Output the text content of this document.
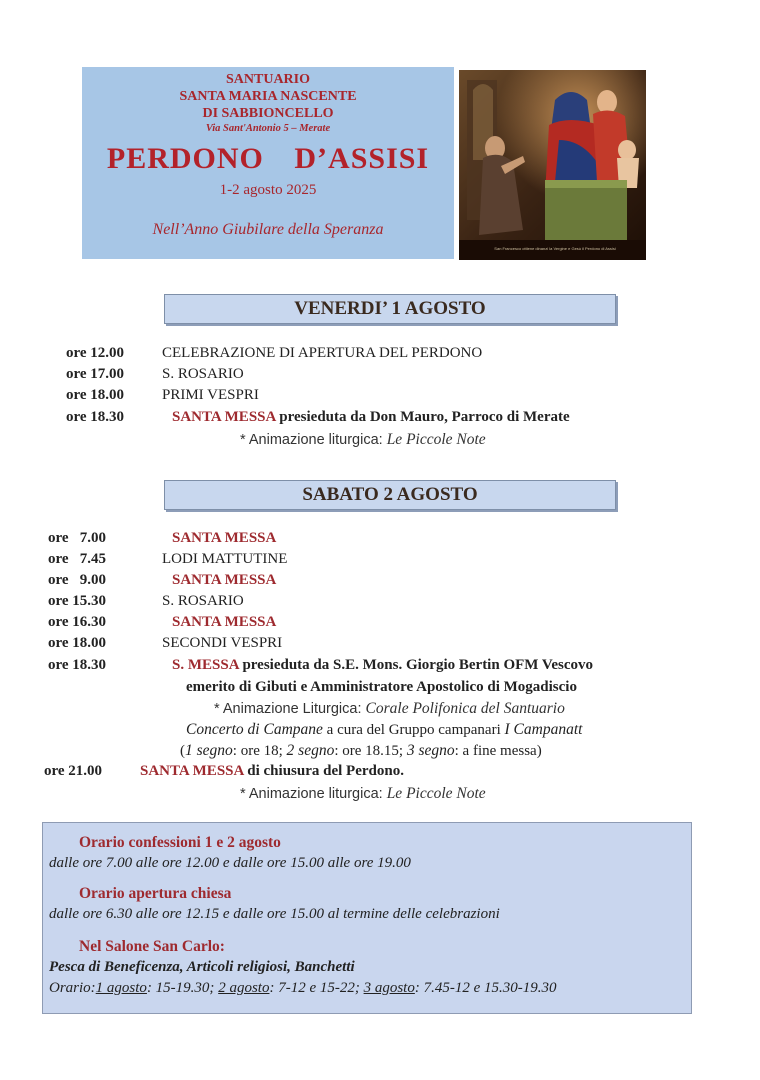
SANTUARIO
SANTA MARIA NASCENTE
DI SABBIONCELLO
Via Sant'Antonio 5 – Merate
PERDONO D’ASSISI
1-2 agosto 2025
Nell’Anno Giubilare della Speranza
San Francesco ottiene dinanzi la Vergine e Gesù il Perdono di Assisi
VENERDI’ 1 AGOSTO
ore 12.00	CELEBRAZIONE DI APERTURA DEL PERDONO
ore 17.00	S. ROSARIO
ore 18.00	PRIMI VESPRI
ore 18.30	SANTA MESSA presieduta da Don Mauro, Parroco di Merate
* Animazione liturgica: Le Piccole Note
SABATO 2 AGOSTO
ore   7.00	SANTA MESSA
ore   7.45	LODI MATTUTINE
ore   9.00	SANTA MESSA
ore 15.30	S. ROSARIO
ore 16.30	SANTA MESSA
ore 18.00	SECONDI VESPRI
ore 18.30	S. MESSA presieduta da S.E. Mons. Giorgio Bertin OFM Vescovo
emerito di Gibuti e Amministratore Apostolico di Mogadiscio
* Animazione Liturgica: Corale Polifonica del Santuario
Concerto di Campane a cura del Gruppo campanari I Campanatt
(1 segno: ore 18; 2 segno: ore 18.15; 3 segno: a fine messa)
ore 21.00	SANTA MESSA di chiusura del Perdono.
* Animazione liturgica: Le Piccole Note
Orario confessioni 1 e 2 agosto
dalle ore 7.00 alle ore 12.00 e dalle ore 15.00 alle ore 19.00
Orario apertura chiesa
dalle ore 6.30 alle ore 12.15 e dalle ore 15.00 al termine delle celebrazioni
Nel Salone San Carlo:
Pesca di Beneficenza, Articoli religiosi, Banchetti
Orario:1 agosto: 15-19.30; 2 agosto: 7-12 e 15-22; 3 agosto: 7.45-12 e 15.30-19.30
